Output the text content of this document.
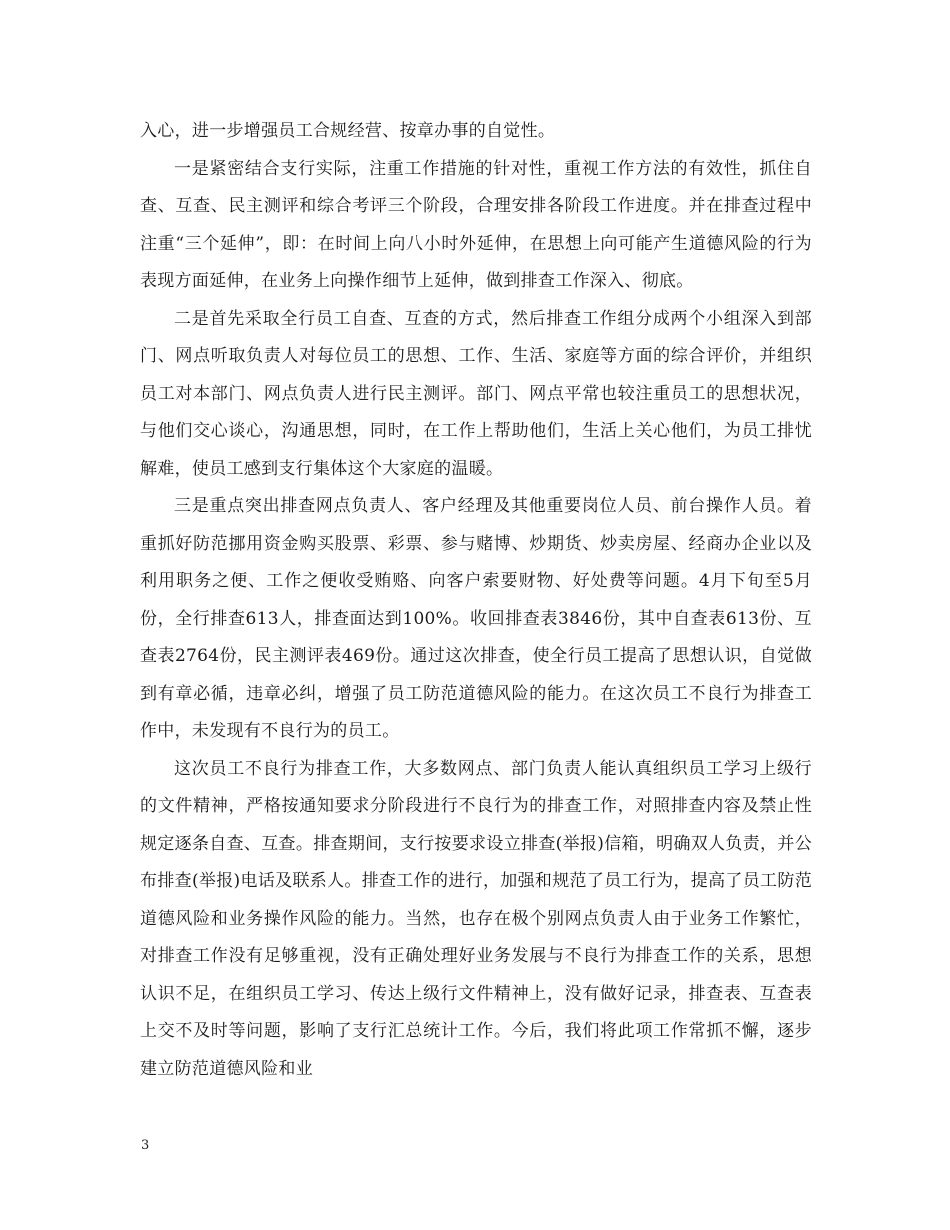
入心，进一步增强员工合规经营、按章办事的自觉性。

一是紧密结合支行实际，注重工作措施的针对性，重视工作方法的有效性，抓住自查、互查、民主测评和综合考评三个阶段，合理安排各阶段工作进度。并在排查过程中注重“三个延伸”，即：在时间上向八小时外延伸，在思想上向可能产生道德风险的行为表现方面延伸，在业务上向操作细节上延伸，做到排查工作深入、彻底。

二是首先采取全行员工自查、互查的方式，然后排查工作组分成两个小组深入到部门、网点听取负责人对每位员工的思想、工作、生活、家庭等方面的综合评价，并组织员工对本部门、网点负责人进行民主测评。部门、网点平常也较注重员工的思想状况，与他们交心谈心，沟通思想，同时，在工作上帮助他们，生活上关心他们，为员工排忧解难，使员工感到支行集体这个大家庭的温暖。

三是重点突出排查网点负责人、客户经理及其他重要岗位人员、前台操作人员。着重抓好防范挪用资金购买股票、彩票、参与赌博、炒期货、炒卖房屋、经商办企业以及利用职务之便、工作之便收受贿赂、向客户索要财物、好处费等问题。4月下旬至5月份，全行排查613人，排查面达到100%。收回排查表3846份，其中自查表613份、互查表2764份，民主测评表469份。通过这次排查，使全行员工提高了思想认识，自觉做到有章必循，违章必纠，增强了员工防范道德风险的能力。在这次员工不良行为排查工作中，未发现有不良行为的员工。

这次员工不良行为排查工作，大多数网点、部门负责人能认真组织员工学习上级行的文件精神，严格按通知要求分阶段进行不良行为的排查工作，对照排查内容及禁止性规定逐条自查、互查。排查期间，支行按要求设立排查(举报)信箱，明确双人负责，并公布排查(举报)电话及联系人。排查工作的进行，加强和规范了员工行为，提高了员工防范道德风险和业务操作风险的能力。当然，也存在极个别网点负责人由于业务工作繁忙，对排查工作没有足够重视，没有正确处理好业务发展与不良行为排查工作的关系，思想认识不足，在组织员工学习、传达上级行文件精神上，没有做好记录，排查表、互查表上交不及时等问题，影响了支行汇总统计工作。今后，我们将此项工作常抓不懈，逐步建立防范道德风险和业

3
